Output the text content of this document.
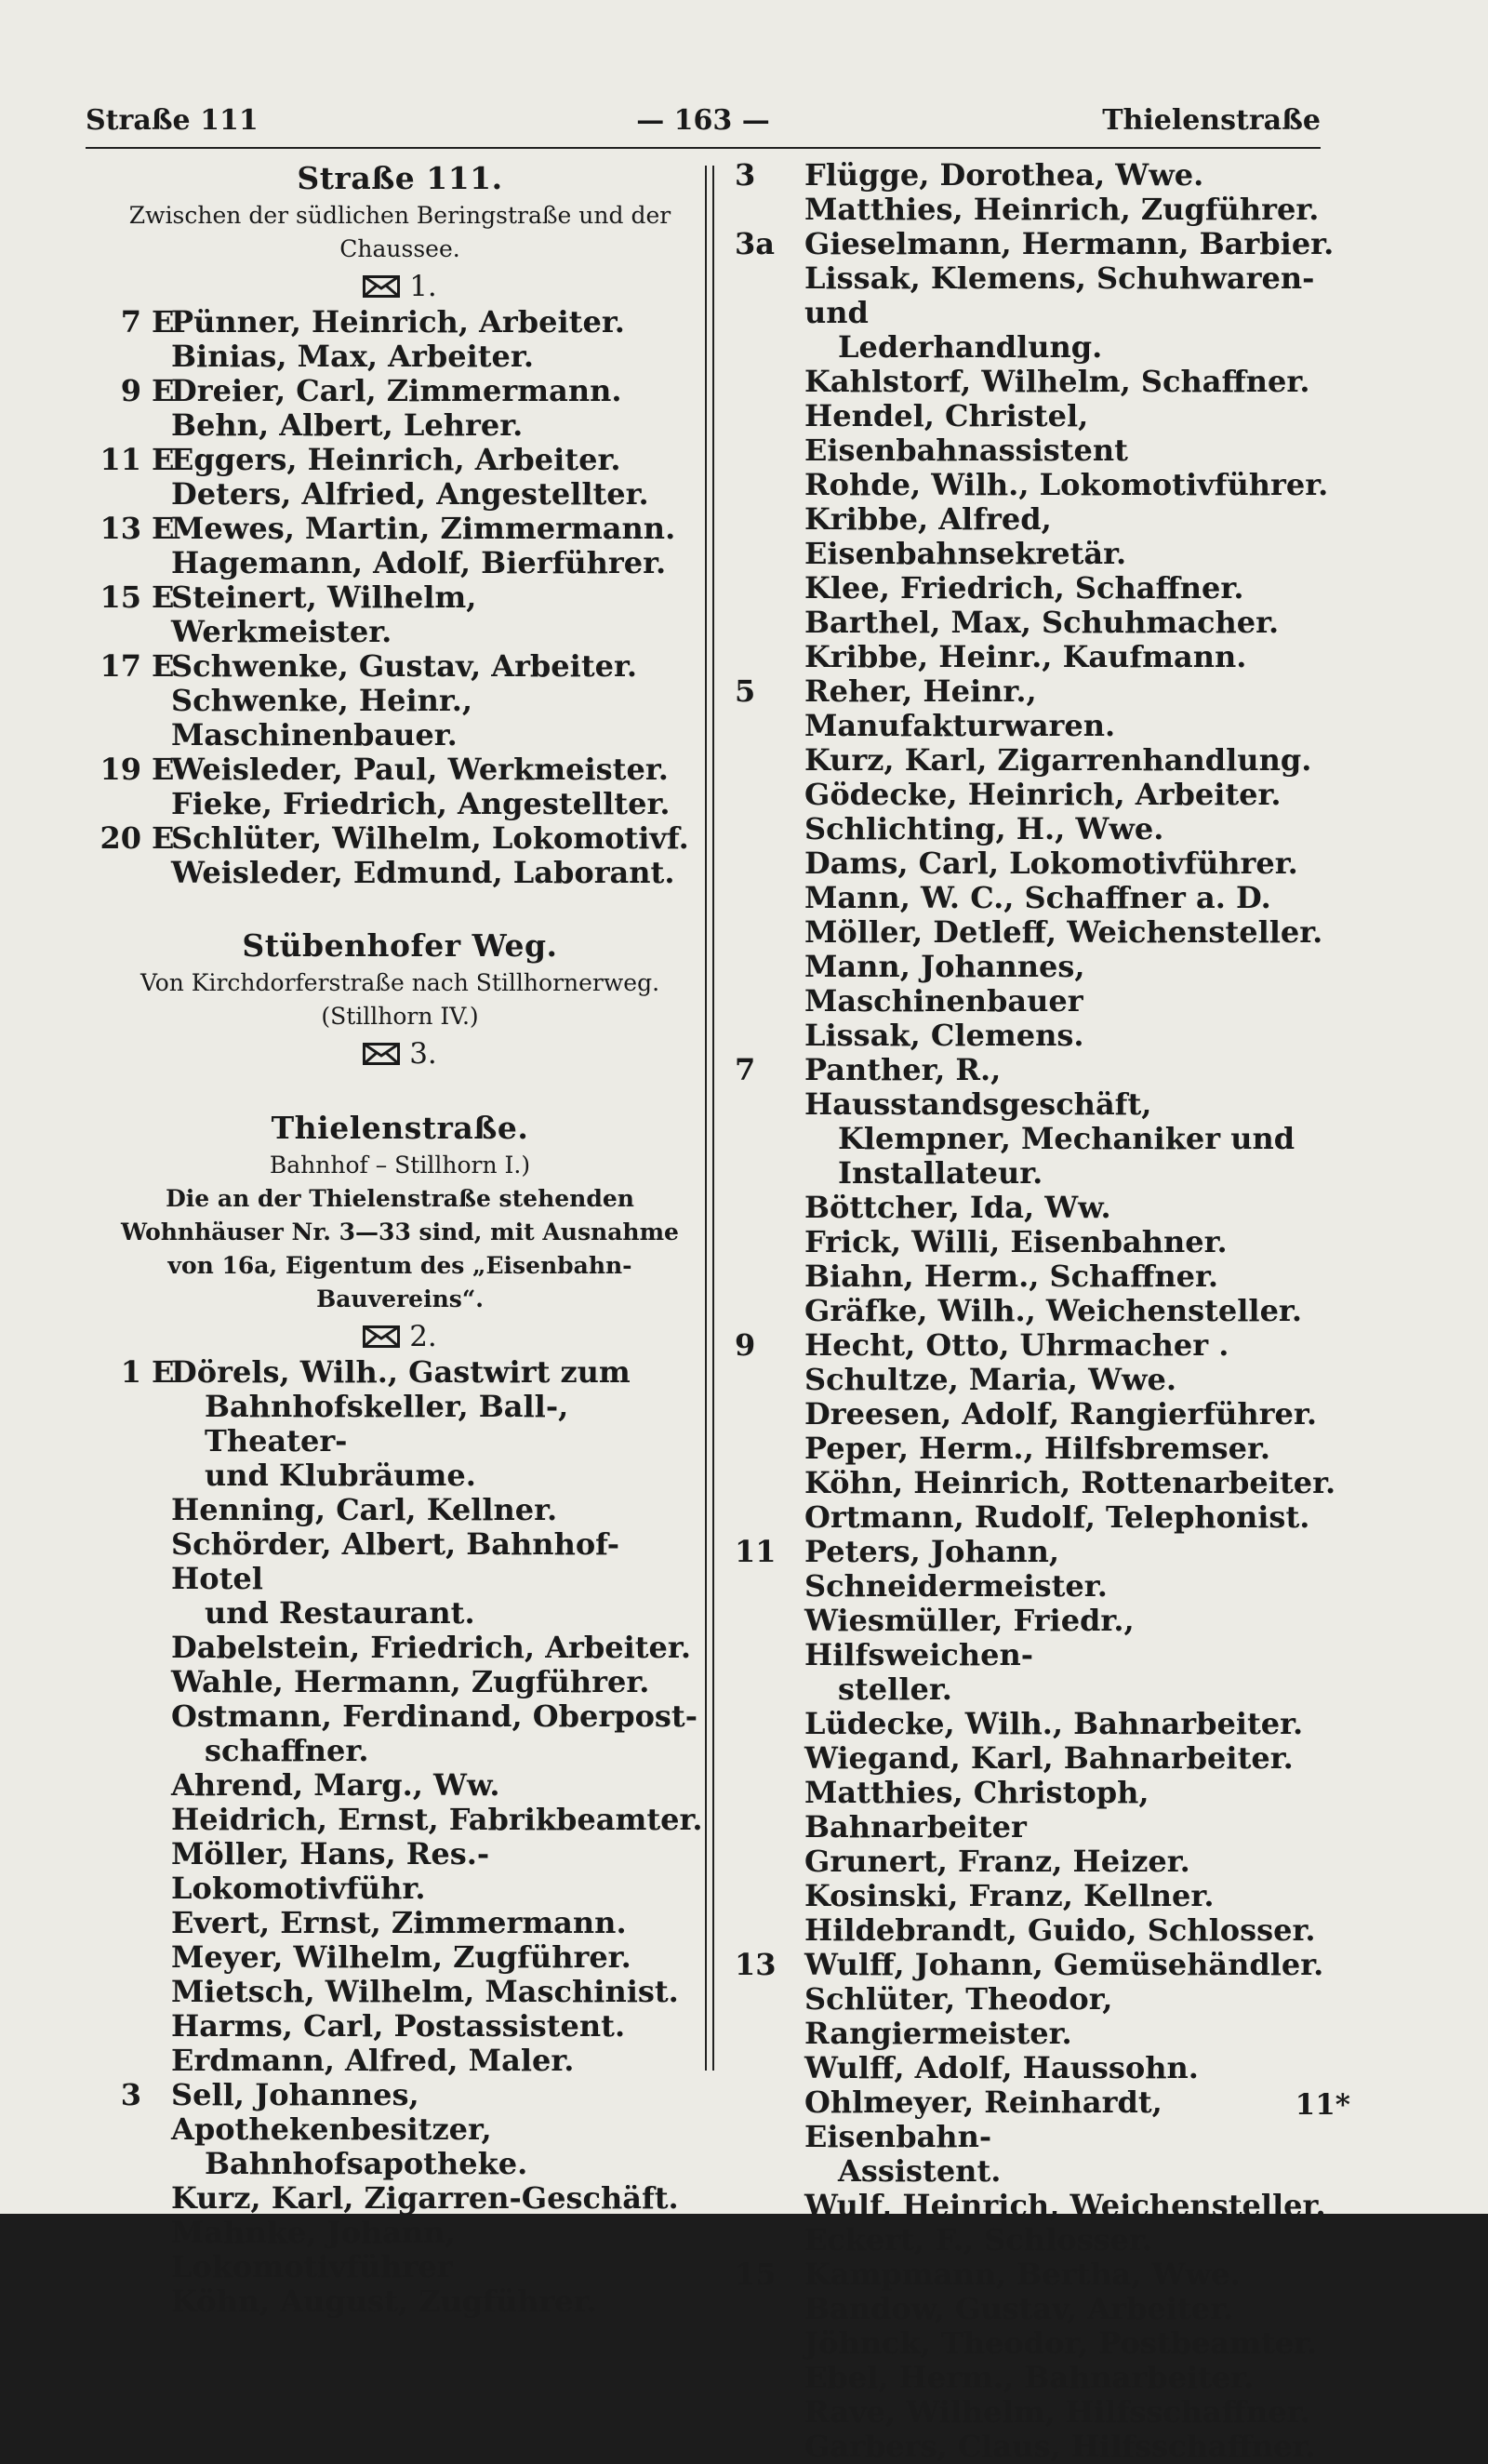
Straße 111	— 163 —	Thielenstraße
Straße 111.
Zwischen der südlichen Beringstraße und der Chaussee.
1.
7 E
Pünner, Heinrich, Arbeiter.
Binias, Max, Arbeiter.
9 E
Dreier, Carl, Zimmermann.
Behn, Albert, Lehrer.
11 E
Eggers, Heinrich, Arbeiter.
Deters, Alfried, Angestellter.
13 E
Mewes, Martin, Zimmermann.
Hagemann, Adolf, Bierführer.
15 E
Steinert, Wilhelm, Werkmeister.
17 E
Schwenke, Gustav, Arbeiter.
Schwenke, Heinr., Maschinenbauer.
19 E
Weisleder, Paul, Werkmeister.
Fieke, Friedrich, Angestellter.
20 E
Schlüter, Wilhelm, Lokomotivf.
Weisleder, Edmund, Laborant.
Stübenhofer Weg.
Von Kirchdorferstraße nach Stillhornerweg.
(Stillhorn IV.)
3.
Thielenstraße.
Bahnhof – Stillhorn I.)
Die an der Thielenstraße stehenden Wohnhäuser Nr. 3—33 sind, mit Ausnahme von 16a, Eigentum des „Eisenbahn-Bauvereins“.
2.
1 E
Dörels, Wilh., Gastwirt zum
Bahnhofskeller, Ball-, Theater-
und Klubräume.
Henning, Carl, Kellner.
Schörder, Albert, Bahnhof-Hotel
und Restaurant.
Dabelstein, Friedrich, Arbeiter.
Wahle, Hermann, Zugführer.
Ostmann, Ferdinand, Oberpost-
schaffner.
Ahrend, Marg., Ww.
Heidrich, Ernst, Fabrikbeamter.
Möller, Hans, Res.-Lokomotivführ.
Evert, Ernst, Zimmermann.
Meyer, Wilhelm, Zugführer.
Mietsch, Wilhelm, Maschinist.
Harms, Carl, Postassistent.
Erdmann, Alfred, Maler.
3	Sell, Johannes, Apothekenbesitzer,
Bahnhofsapotheke.
Kurz, Karl, Zigarren-Geschäft.
Mahnke, Johann, Lokomotivführer
Köhn, August, Zugführer.
3	Flügge, Dorothea, Wwe.
Matthies, Heinrich, Zugführer.
3a	Gieselmann, Hermann, Barbier.
Lissak, Klemens, Schuhwaren- und
Lederhandlung.
Kahlstorf, Wilhelm, Schaffner.
Hendel, Christel, Eisenbahnassistent
Rohde, Wilh., Lokomotivführer.
Kribbe, Alfred, Eisenbahnsekretär.
Klee, Friedrich, Schaffner.
Barthel, Max, Schuhmacher.
Kribbe, Heinr., Kaufmann.
5	Reher, Heinr., Manufakturwaren.
Kurz, Karl, Zigarrenhandlung.
Gödecke, Heinrich, Arbeiter.
Schlichting, H., Wwe.
Dams, Carl, Lokomotivführer.
Mann, W. C., Schaffner a. D.
Möller, Detleff, Weichensteller.
Mann, Johannes, Maschinenbauer
Lissak, Clemens.
7	Panther, R., Hausstandsgeschäft,
Klempner, Mechaniker und
Installateur.
Böttcher, Ida, Ww.
Frick, Willi, Eisenbahner.
Biahn, Herm., Schaffner.
Gräfke, Wilh., Weichensteller.
9	Hecht, Otto, Uhrmacher .
Schultze, Maria, Wwe.
Dreesen, Adolf, Rangierführer.
Peper, Herm., Hilfsbremser.
Köhn, Heinrich, Rottenarbeiter.
Ortmann, Rudolf, Telephonist.
11 Peters, Johann, Schneidermeister.
Wiesmüller, Friedr., Hilfsweichen-
steller.
Lüdecke, Wilh., Bahnarbeiter.
Wiegand, Karl, Bahnarbeiter.
Matthies, Christoph, Bahnarbeiter
Grunert, Franz, Heizer.
Kosinski, Franz, Kellner.
Hildebrandt, Guido, Schlosser.
13 Wulff, Johann, Gemüsehändler.
Schlüter, Theodor, Rangiermeister.
Wulff, Adolf, Haussohn.
Ohlmeyer, Reinhardt, Eisenbahn-
Assistent.
Wulf, Heinrich, Weichensteller.
Eckert, F., Schlosser.
15 Kampmann, Bertha, Wwe.
Bandow, Gustav, Arbeiter.
Jöhnck, Theodor, Postbeamter.
Ebel, Herm., Bahnarbeiter.
Rave, Wilhelm, Hilfsschaffner.
Garbers, Claus, Hilfsschaffner.
11*
